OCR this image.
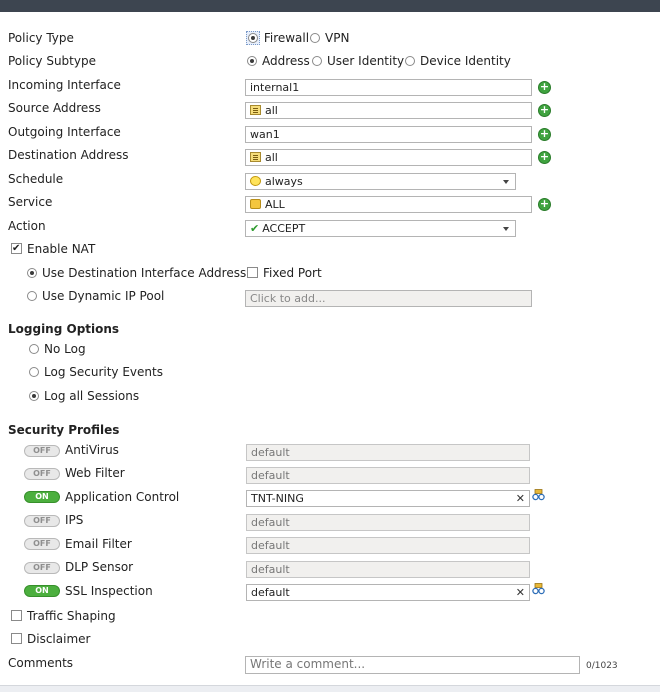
Policy Type	Firewall	VPN
Policy Subtype	Address	User Identity	Device Identity
Incoming Interface	internal1	+
Source Address	all	+
Outgoing Interface	wan1	+
Destination Address	all	+
Schedule	always
Service	ALL	+
Action	✔ ACCEPT
✔Enable NAT
Use Destination Interface Address	Fixed Port
Use Dynamic IP Pool	Click to add...
Logging Options
No Log
Log Security Events
Log all Sessions
Security Profiles
OFF	AntiVirus	default
OFF	Web Filter	default
ON	Application Control	TNT-NING	✕
OFF	IPS	default
OFF	Email Filter	default
OFF	DLP Sensor	default
ON	SSL Inspection	default	✕
Traffic Shaping
Disclaimer
Comments	Write a comment...	0/1023
